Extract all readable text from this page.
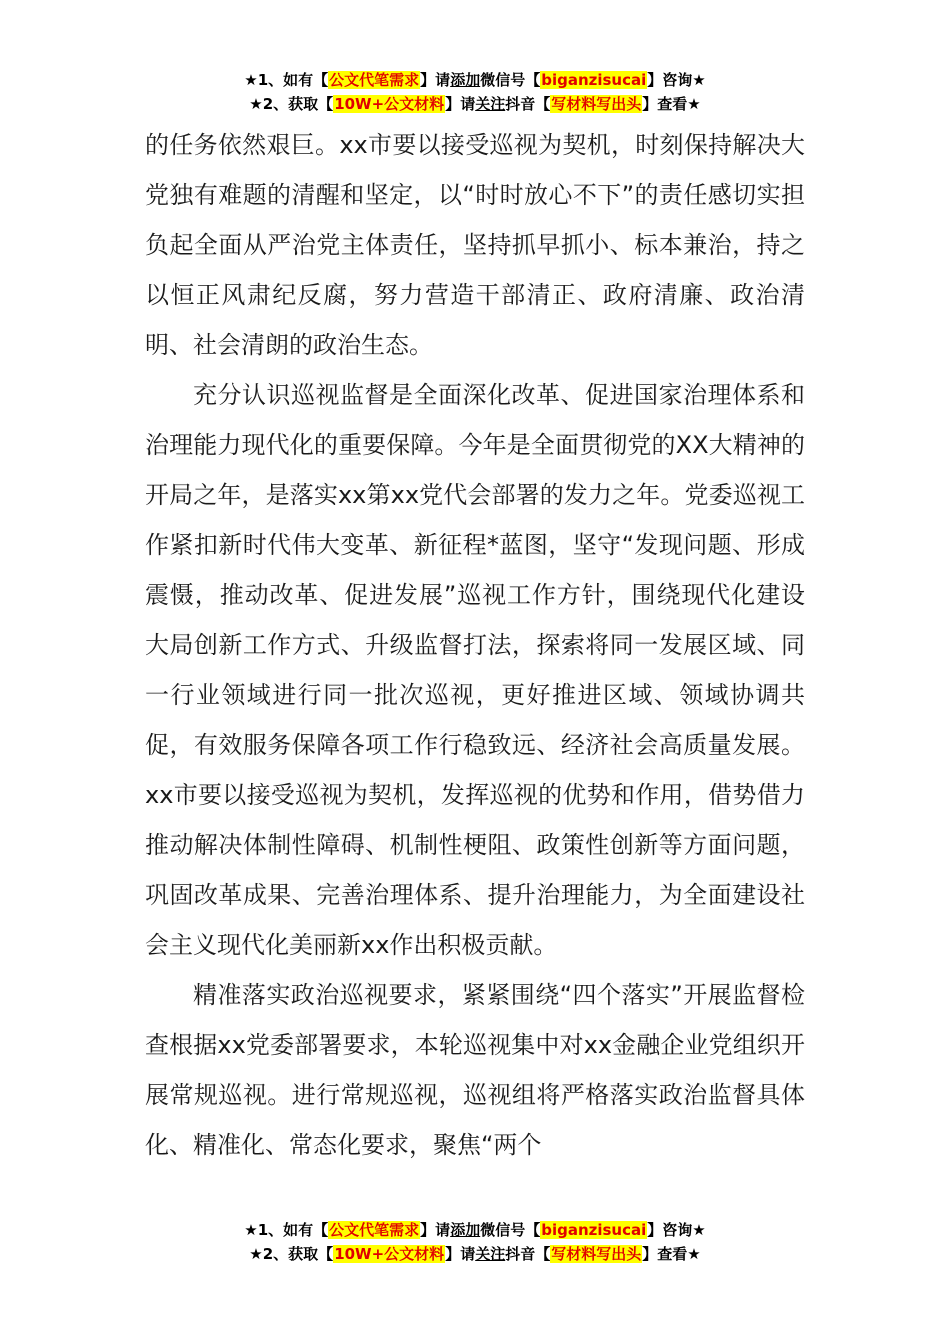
★1、如有【公文代笔需求】请添加微信号【biganzisucai】咨询★
★2、获取【10W+公文材料】请关注抖音【写材料写出头】查看★

的任务依然艰巨。xx市要以接受巡视为契机，时刻保持解决大党独有难题的清醒和坚定，以“时时放心不下”的责任感切实担负起全面从严治党主体责任，坚持抓早抓小、标本兼治，持之以恒正风肃纪反腐，努力营造干部清正、政府清廉、政治清明、社会清朗的政治生态。

充分认识巡视监督是全面深化改革、促进国家治理体系和治理能力现代化的重要保障。今年是全面贯彻党的XX大精神的开局之年，是落实xx第xx党代会部署的发力之年。党委巡视工作紧扣新时代伟大变革、新征程*蓝图，坚守“发现问题、形成震慑，推动改革、促进发展”巡视工作方针，围绕现代化建设大局创新工作方式、升级监督打法，探索将同一发展区域、同一行业领域进行同一批次巡视，更好推进区域、领域协调共促，有效服务保障各项工作行稳致远、经济社会高质量发展。xx市要以接受巡视为契机，发挥巡视的优势和作用，借势借力推动解决体制性障碍、机制性梗阻、政策性创新等方面问题，巩固改革成果、完善治理体系、提升治理能力，为全面建设社会主义现代化美丽新xx作出积极贡献。

精准落实政治巡视要求，紧紧围绕“四个落实”开展监督检查根据xx党委部署要求，本轮巡视集中对xx金融企业党组织开展常规巡视。进行常规巡视，巡视组将严格落实政治监督具体化、精准化、常态化要求，聚焦“两个

★1、如有【公文代笔需求】请添加微信号【biganzisucai】咨询★
★2、获取【10W+公文材料】请关注抖音【写材料写出头】查看★
